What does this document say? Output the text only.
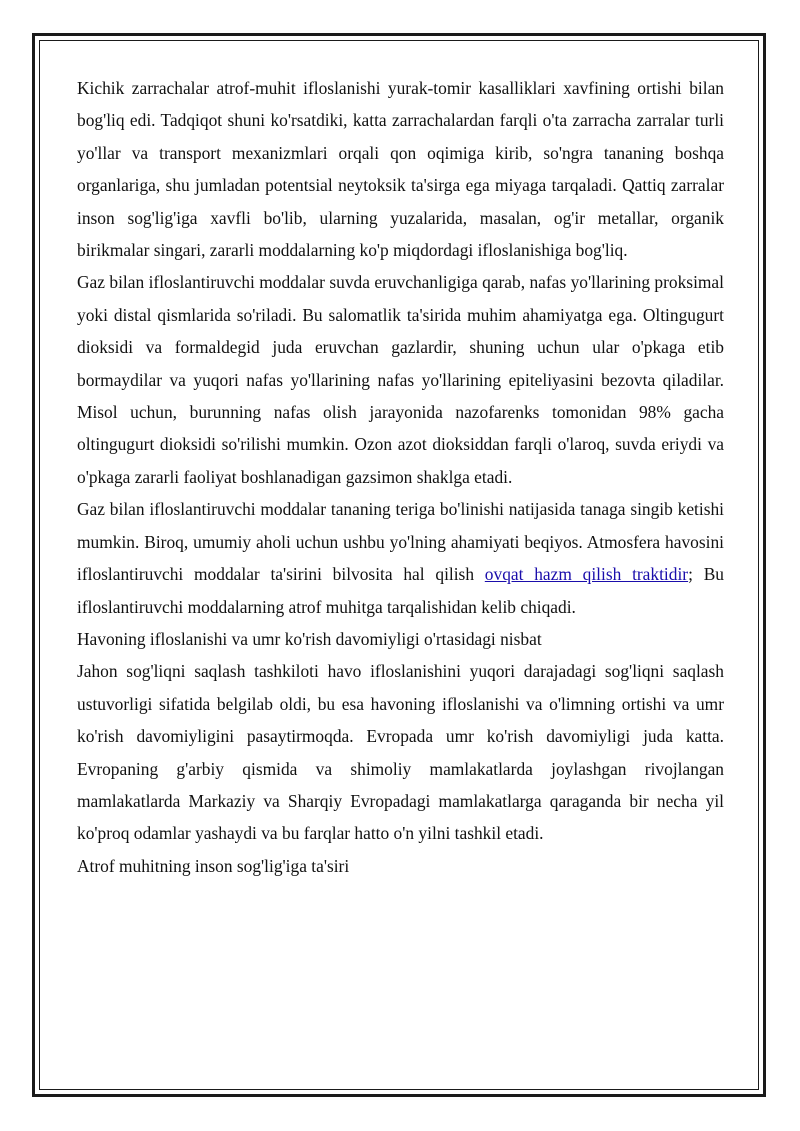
Kichik zarrachalar atrof-muhit ifloslanishi yurak-tomir kasalliklari xavfining ortishi bilan bog'liq edi. Tadqiqot shuni ko'rsatdiki, katta zarrachalardan farqli o'ta zarracha zarralar turli yo'llar va transport mexanizmlari orqali qon oqimiga kirib, so'ngra tananing boshqa organlariga, shu jumladan potentsial neytoksik ta'sirga ega miyaga tarqaladi. Qattiq zarralar inson sog'lig'iga xavfli bo'lib, ularning yuzalarida, masalan, og'ir metallar, organik birikmalar singari, zararli moddalarning ko'p miqdordagi ifloslanishiga bog'liq.

Gaz bilan ifloslantiruvchi moddalar suvda eruvchanligiga qarab, nafas yo'llarining proksimal yoki distal qismlarida so'riladi. Bu salomatlik ta'sirida muhim ahamiyatga ega. Oltingugurt dioksidi va formaldegid juda eruvchan gazlardir, shuning uchun ular o'pkaga etib bormaydilar va yuqori nafas yo'llarining nafas yo'llarining epiteliyasini bezovta qiladilar. Misol uchun, burunning nafas olish jarayonida nazofarenks tomonidan 98% gacha oltingugurt dioksidi so'rilishi mumkin. Ozon azot dioksiddan farqli o'laroq, suvda eriydi va o'pkaga zararli faoliyat boshlanadigan gazsimon shaklga etadi.

Gaz bilan ifloslantiruvchi moddalar tananing teriga bo'linishi natijasida tanaga singib ketishi mumkin. Biroq, umumiy aholi uchun ushbu yo'lning ahamiyati beqiyos. Atmosfera havosini ifloslantiruvchi moddalar ta'sirini bilvosita hal qilish ovqat hazm qilish traktidir; Bu ifloslantiruvchi moddalarning atrof muhitga tarqalishidan kelib chiqadi.

Havoning ifloslanishi va umr ko'rish davomiyligi o'rtasidagi nisbat

Jahon sog'liqni saqlash tashkiloti havo ifloslanishini yuqori darajadagi sog'liqni saqlash ustuvorligi sifatida belgilab oldi, bu esa havoning ifloslanishi va o'limning ortishi va umr ko'rish davomiyligini pasaytirmoqda. Evropada umr ko'rish davomiyligi juda katta. Evropaning g'arbiy qismida va shimoliy mamlakatlarda joylashgan rivojlangan mamlakatlarda Markaziy va Sharqiy Evropadagi mamlakatlarga qaraganda bir necha yil ko'proq odamlar yashaydi va bu farqlar hatto o'n yilni tashkil etadi.

Atrof muhitning inson sog'lig'iga ta'siri
